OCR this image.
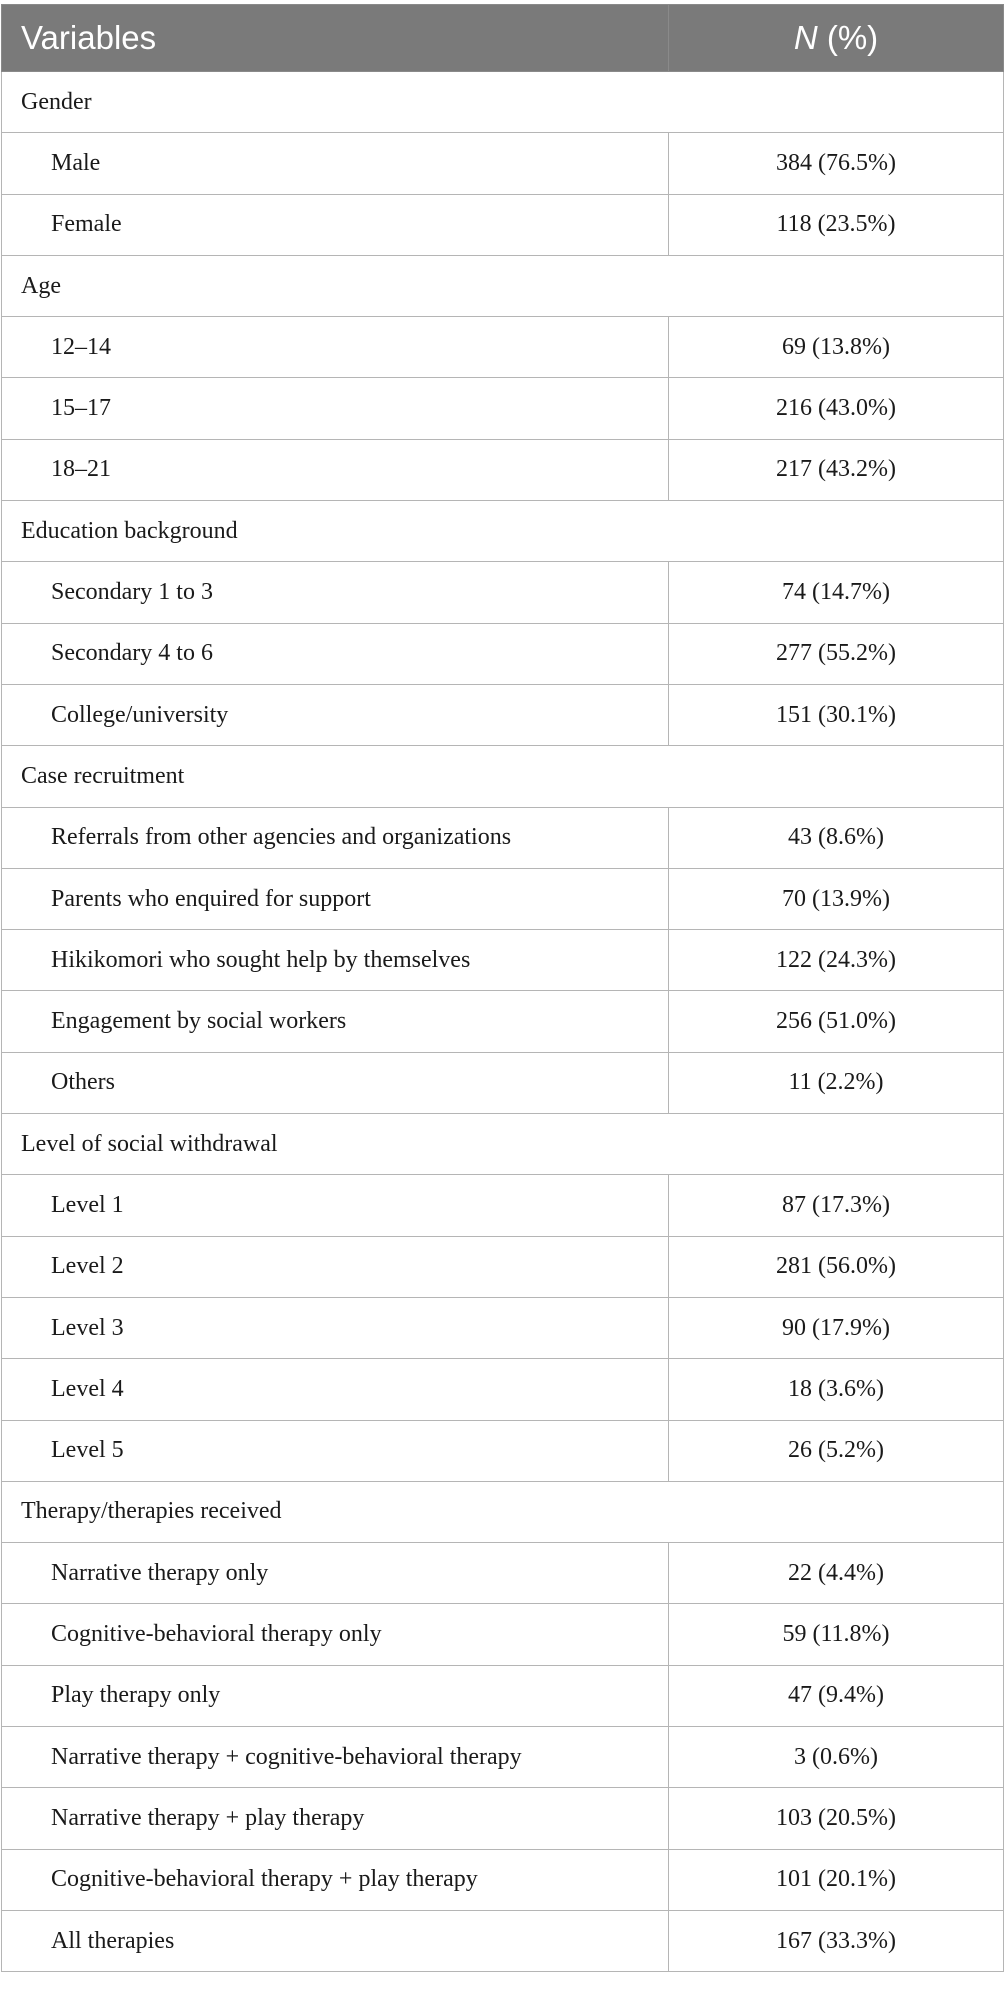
Variables	N (%)
Gender	
Male	384 (76.5%)
Female	118 (23.5%)
Age	
12–14	69 (13.8%)
15–17	216 (43.0%)
18–21	217 (43.2%)
Education background	
Secondary 1 to 3	74 (14.7%)
Secondary 4 to 6	277 (55.2%)
College/university	151 (30.1%)
Case recruitment	
Referrals from other agencies and organizations	43 (8.6%)
Parents who enquired for support	70 (13.9%)
Hikikomori who sought help by themselves	122 (24.3%)
Engagement by social workers	256 (51.0%)
Others	11 (2.2%)
Level of social withdrawal	
Level 1	87 (17.3%)
Level 2	281 (56.0%)
Level 3	90 (17.9%)
Level 4	18 (3.6%)
Level 5	26 (5.2%)
Therapy/therapies received	
Narrative therapy only	22 (4.4%)
Cognitive-behavioral therapy only	59 (11.8%)
Play therapy only	47 (9.4%)
Narrative therapy + cognitive-behavioral therapy	3 (0.6%)
Narrative therapy + play therapy	103 (20.5%)
Cognitive-behavioral therapy + play therapy	101 (20.1%)
All therapies	167 (33.3%)
